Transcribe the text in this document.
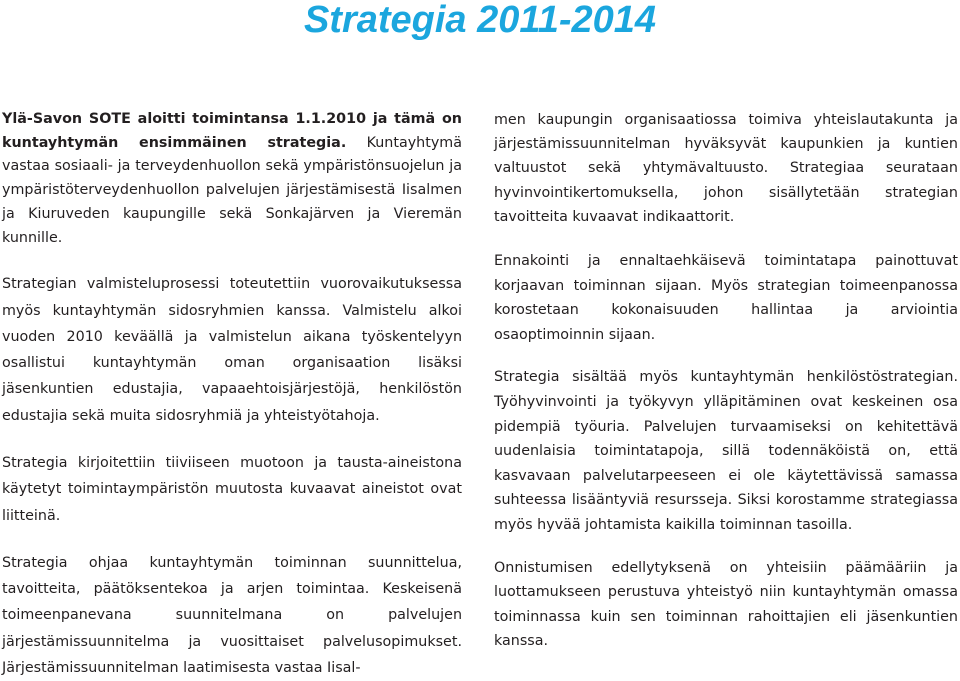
Strategia 2011-2014

Ylä-Savon SOTE aloitti toimintansa 1.1.2010 ja tämä on kuntayhtymän ensimmäinen strategia. Kuntayhtymä vastaa sosiaali- ja terveydenhuollon sekä ympäristönsuojelun ja ympäristöterveydenhuollon palvelujen järjestämisestä Iisalmen ja Kiuruveden kaupungille sekä Sonkajärven ja Vieremän kunnille.

Strategian valmisteluprosessi toteutettiin vuorovaikutuksessa myös kuntayhtymän sidosryhmien kanssa. Valmistelu alkoi vuoden 2010 keväällä ja valmistelun aikana työskentelyyn osallistui kuntayhtymän oman organisaation lisäksi jäsenkuntien edustajia, vapaaehtoisjärjestöjä, henkilöstön edustajia sekä muita sidosryhmiä ja yhteistyötahoja.

Strategia kirjoitettiin tiiviiseen muotoon ja tausta-aineistona käytetyt toimintaympäristön muutosta kuvaavat aineistot ovat liitteinä.

Strategia ohjaa kuntayhtymän toiminnan suunnittelua, tavoitteita, päätöksentekoa ja arjen toimintaa. Keskeisenä toimeenpanevana suunnitelmana on palvelujen järjestämissuunnitelma ja vuosittaiset palvelusopimukset. Järjestämissuunnitelman laatimisesta vastaa Iisal-

men kaupungin organisaatiossa toimiva yhteislautakunta ja järjestämissuunnitelman hyväksyvät kaupunkien ja kuntien valtuustot sekä yhtymävaltuusto. Strategiaa seurataan hyvinvointikertomuksella, johon sisällytetään strategian tavoitteita kuvaavat indikaattorit.

Ennakointi ja ennaltaehkäisevä toimintatapa painottuvat korjaavan toiminnan sijaan. Myös strategian toimeenpanossa korostetaan kokonaisuuden hallintaa ja arviointia osaoptimoinnin sijaan.

Strategia sisältää myös kuntayhtymän henkilöstöstrategian. Työhyvinvointi ja työkyvyn ylläpitäminen ovat keskeinen osa pidempiä työuria. Palvelujen turvaamiseksi on kehitettävä uudenlaisia toimintatapoja, sillä todennäköistä on, että kasvavaan palvelutarpeeseen ei ole käytettävissä samassa suhteessa lisääntyviä resursseja. Siksi korostamme strategiassa myös hyvää johtamista kaikilla toiminnan tasoilla.

Onnistumisen edellytyksenä on yhteisiin päämääriin ja luottamukseen perustuva yhteistyö niin kuntayhtymän omassa toiminnassa kuin sen toiminnan rahoittajien eli jäsenkuntien kanssa.
